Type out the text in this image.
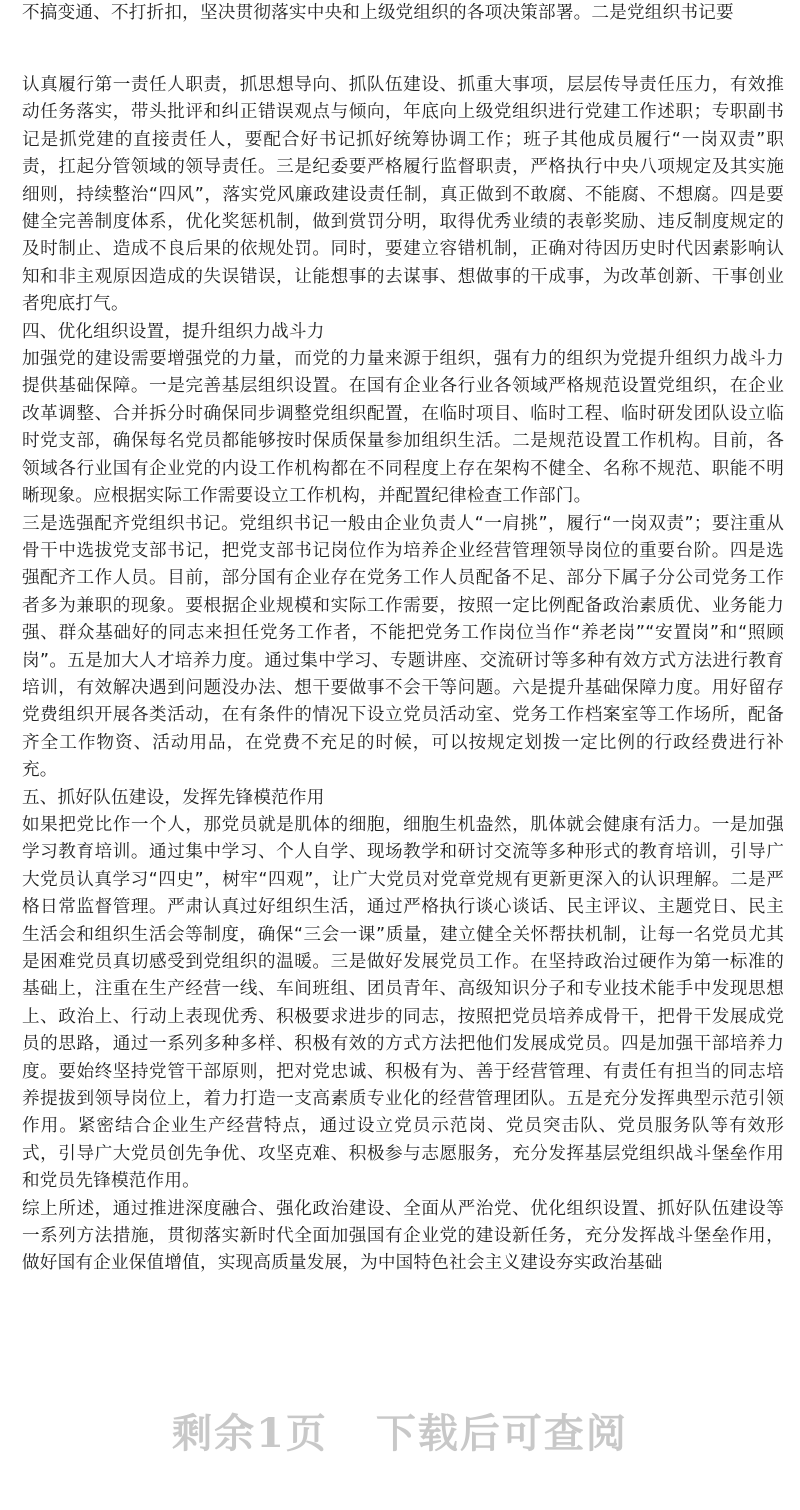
不搞变通、不打折扣，坚决贯彻落实中央和上级党组织的各项决策部署。二是党组织书记要

认真履行第一责任人职责，抓思想导向、抓队伍建设、抓重大事项，层层传导责任压力，有效推动任务落实，带头批评和纠正错误观点与倾向，年底向上级党组织进行党建工作述职；专职副书记是抓党建的直接责任人，要配合好书记抓好统筹协调工作；班子其他成员履行“一岗双责”职责，扛起分管领域的领导责任。三是纪委要严格履行监督职责，严格执行中央八项规定及其实施细则，持续整治“四风”，落实党风廉政建设责任制，真正做到不敢腐、不能腐、不想腐。四是要健全完善制度体系，优化奖惩机制，做到赏罚分明，取得优秀业绩的表彰奖励、违反制度规定的及时制止、造成不良后果的依规处罚。同时，要建立容错机制，正确对待因历史时代因素影响认知和非主观原因造成的失误错误，让能想事的去谋事、想做事的干成事，为改革创新、干事创业者兜底打气。

四、优化组织设置，提升组织力战斗力

加强党的建设需要增强党的力量，而党的力量来源于组织，强有力的组织为党提升组织力战斗力提供基础保障。一是完善基层组织设置。在国有企业各行业各领域严格规范设置党组织，在企业改革调整、合并拆分时确保同步调整党组织配置，在临时项目、临时工程、临时研发团队设立临时党支部，确保每名党员都能够按时保质保量参加组织生活。二是规范设置工作机构。目前，各领域各行业国有企业党的内设工作机构都在不同程度上存在架构不健全、名称不规范、职能不明晰现象。应根据实际工作需要设立工作机构，并配置纪律检查工作部门。

三是选强配齐党组织书记。党组织书记一般由企业负责人“一肩挑”，履行“一岗双责”；要注重从骨干中选拔党支部书记，把党支部书记岗位作为培养企业经营管理领导岗位的重要台阶。四是选强配齐工作人员。目前，部分国有企业存在党务工作人员配备不足、部分下属子分公司党务工作者多为兼职的现象。要根据企业规模和实际工作需要，按照一定比例配备政治素质优、业务能力强、群众基础好的同志来担任党务工作者，不能把党务工作岗位当作“养老岗”“安置岗”和“照顾岗”。五是加大人才培养力度。通过集中学习、专题讲座、交流研讨等多种有效方式方法进行教育培训，有效解决遇到问题没办法、想干要做事不会干等问题。六是提升基础保障力度。用好留存党费组织开展各类活动，在有条件的情况下设立党员活动室、党务工作档案室等工作场所，配备齐全工作物资、活动用品，在党费不充足的时候，可以按规定划拨一定比例的行政经费进行补充。

五、抓好队伍建设，发挥先锋模范作用

如果把党比作一个人，那党员就是肌体的细胞，细胞生机盎然，肌体就会健康有活力。一是加强学习教育培训。通过集中学习、个人自学、现场教学和研讨交流等多种形式的教育培训，引导广大党员认真学习“四史”，树牢“四观”，让广大党员对党章党规有更新更深入的认识理解。二是严格日常监督管理。严肃认真过好组织生活，通过严格执行谈心谈话、民主评议、主题党日、民主生活会和组织生活会等制度，确保“三会一课”质量，建立健全关怀帮扶机制，让每一名党员尤其是困难党员真切感受到党组织的温暖。三是做好发展党员工作。在坚持政治过硬作为第一标准的基础上，注重在生产经营一线、车间班组、团员青年、高级知识分子和专业技术能手中发现思想上、政治上、行动上表现优秀、积极要求进步的同志，按照把党员培养成骨干，把骨干发展成党员的思路，通过一系列多种多样、积极有效的方式方法把他们发展成党员。四是加强干部培养力度。要始终坚持党管干部原则，把对党忠诚、积极有为、善于经营管理、有责任有担当的同志培养提拔到领导岗位上，着力打造一支高素质专业化的经营管理团队。五是充分发挥典型示范引领作用。紧密结合企业生产经营特点，通过设立党员示范岗、党员突击队、党员服务队等有效形式，引导广大党员创先争优、攻坚克难、积极参与志愿服务，充分发挥基层党组织战斗堡垒作用和党员先锋模范作用。

综上所述，通过推进深度融合、强化政治建设、全面从严治党、优化组织设置、抓好队伍建设等一系列方法措施，贯彻落实新时代全面加强国有企业党的建设新任务，充分发挥战斗堡垒作用，做好国有企业保值增值，实现高质量发展，为中国特色社会主义建设夯实政治基础

剩余1页 下载后可查阅
